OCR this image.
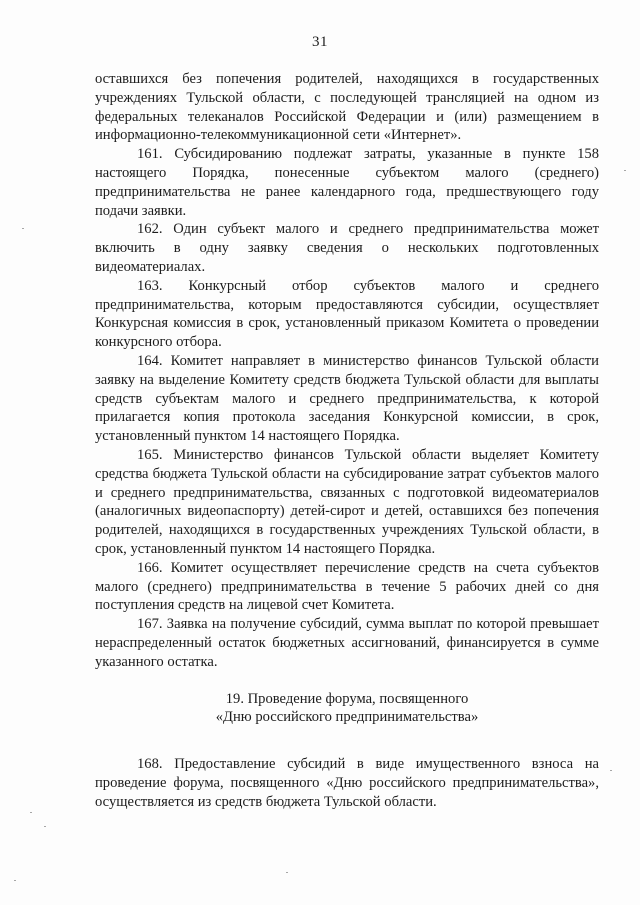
31

оставшихся без попечения родителей, находящихся в государственных учреждениях Тульской области, с последующей трансляцией на одном из федеральных телеканалов Российской Федерации и (или) размещением в информационно-телекоммуникационной сети «Интернет».

161. Субсидированию подлежат затраты, указанные в пункте 158 настоящего Порядка, понесенные субъектом малого (среднего) предпринимательства не ранее календарного года, предшествующего году подачи заявки.

162. Один субъект малого и среднего предпринимательства может включить в одну заявку сведения о нескольких подготовленных видеоматериалах.

163. Конкурсный отбор субъектов малого и среднего предпринимательства, которым предоставляются субсидии, осуществляет Конкурсная комиссия в срок, установленный приказом Комитета о проведении конкурсного отбора.

164. Комитет направляет в министерство финансов Тульской области заявку на выделение Комитету средств бюджета Тульской области для выплаты средств субъектам малого и среднего предпринимательства, к которой прилагается копия протокола заседания Конкурсной комиссии, в срок, установленный пунктом 14 настоящего Порядка.

165. Министерство финансов Тульской области выделяет Комитету средства бюджета Тульской области на субсидирование затрат субъектов малого и среднего предпринимательства, связанных с подготовкой видеоматериалов (аналогичных видеопаспорту) детей-сирот и детей, оставшихся без попечения родителей, находящихся в государственных учреждениях Тульской области, в срок, установленный пунктом 14 настоящего Порядка.

166. Комитет осуществляет перечисление средств на счета субъектов малого (среднего) предпринимательства в течение 5 рабочих дней со дня поступления средств на лицевой счет Комитета.

167. Заявка на получение субсидий, сумма выплат по которой превышает нераспределенный остаток бюджетных ассигнований, финансируется в сумме указанного остатка.

19. Проведение форума, посвященного
«Дню российского предпринимательства»

168. Предоставление субсидий в виде имущественного взноса на проведение форума, посвященного «Дню российского предпринимательства», осуществляется из средств бюджета Тульской области.
